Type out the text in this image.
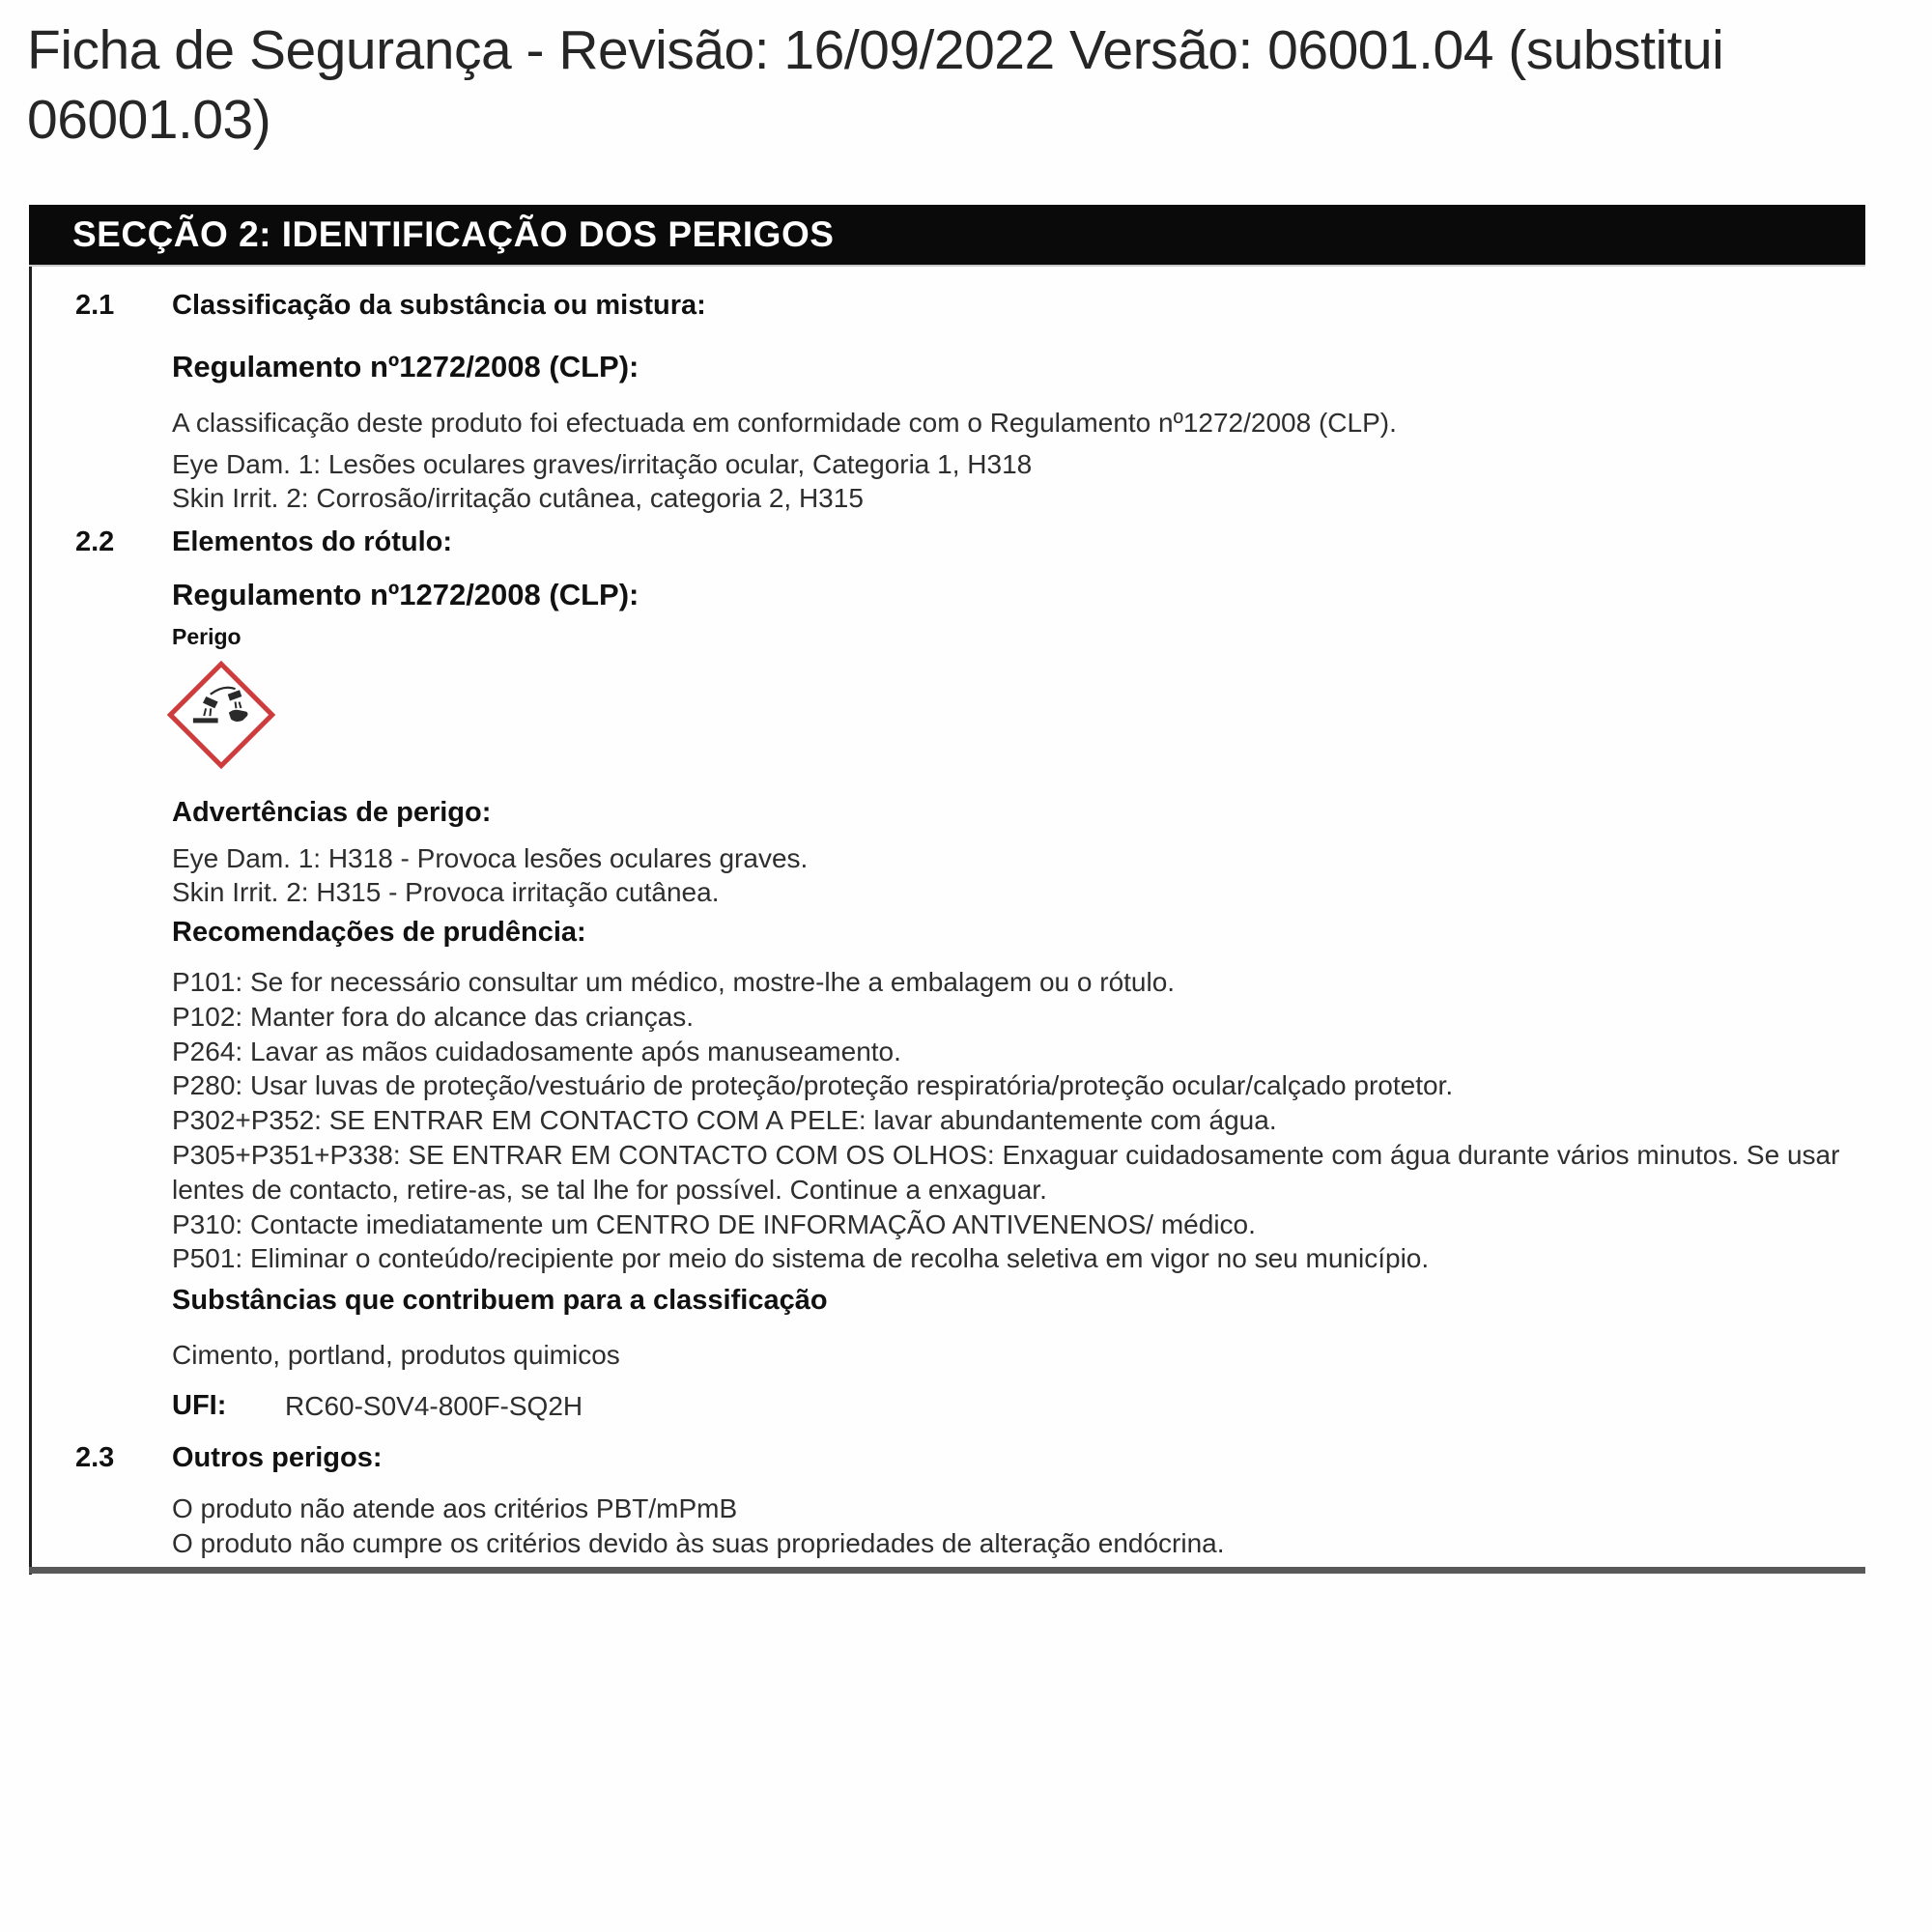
Ficha de Segurança - Revisão: 16/09/2022 Versão: 06001.04 (substitui 06001.03)
SECÇÃO 2: IDENTIFICAÇÃO DOS PERIGOS
2.1 Classificação da substância ou mistura:
Regulamento nº1272/2008 (CLP):
A classificação deste produto foi efectuada em conformidade com o Regulamento nº1272/2008 (CLP).
Eye Dam. 1: Lesões oculares graves/irritação ocular, Categoria 1, H318
Skin Irrit. 2: Corrosão/irritação cutânea, categoria 2, H315
2.2 Elementos do rótulo:
Regulamento nº1272/2008 (CLP):
Perigo
Advertências de perigo:
Eye Dam. 1: H318 - Provoca lesões oculares graves.
Skin Irrit. 2: H315 - Provoca irritação cutânea.
Recomendações de prudência:
P101: Se for necessário consultar um médico, mostre-lhe a embalagem ou o rótulo.
P102: Manter fora do alcance das crianças.
P264: Lavar as mãos cuidadosamente após manuseamento.
P280: Usar luvas de proteção/vestuário de proteção/proteção respiratória/proteção ocular/calçado protetor.
P302+P352: SE ENTRAR EM CONTACTO COM A PELE: lavar abundantemente com água.
P305+P351+P338: SE ENTRAR EM CONTACTO COM OS OLHOS: Enxaguar cuidadosamente com água durante vários minutos. Se usar lentes de contacto, retire-as, se tal lhe for possível. Continue a enxaguar.
P310: Contacte imediatamente um CENTRO DE INFORMAÇÃO ANTIVENENOS/ médico.
P501: Eliminar o conteúdo/recipiente por meio do sistema de recolha seletiva em vigor no seu município.
Substâncias que contribuem para a classificação
Cimento, portland, produtos quimicos
UFI: RC60-S0V4-800F-SQ2H
2.3 Outros perigos:
O produto não atende aos critérios PBT/mPmB
O produto não cumpre os critérios devido às suas propriedades de alteração endócrina.
